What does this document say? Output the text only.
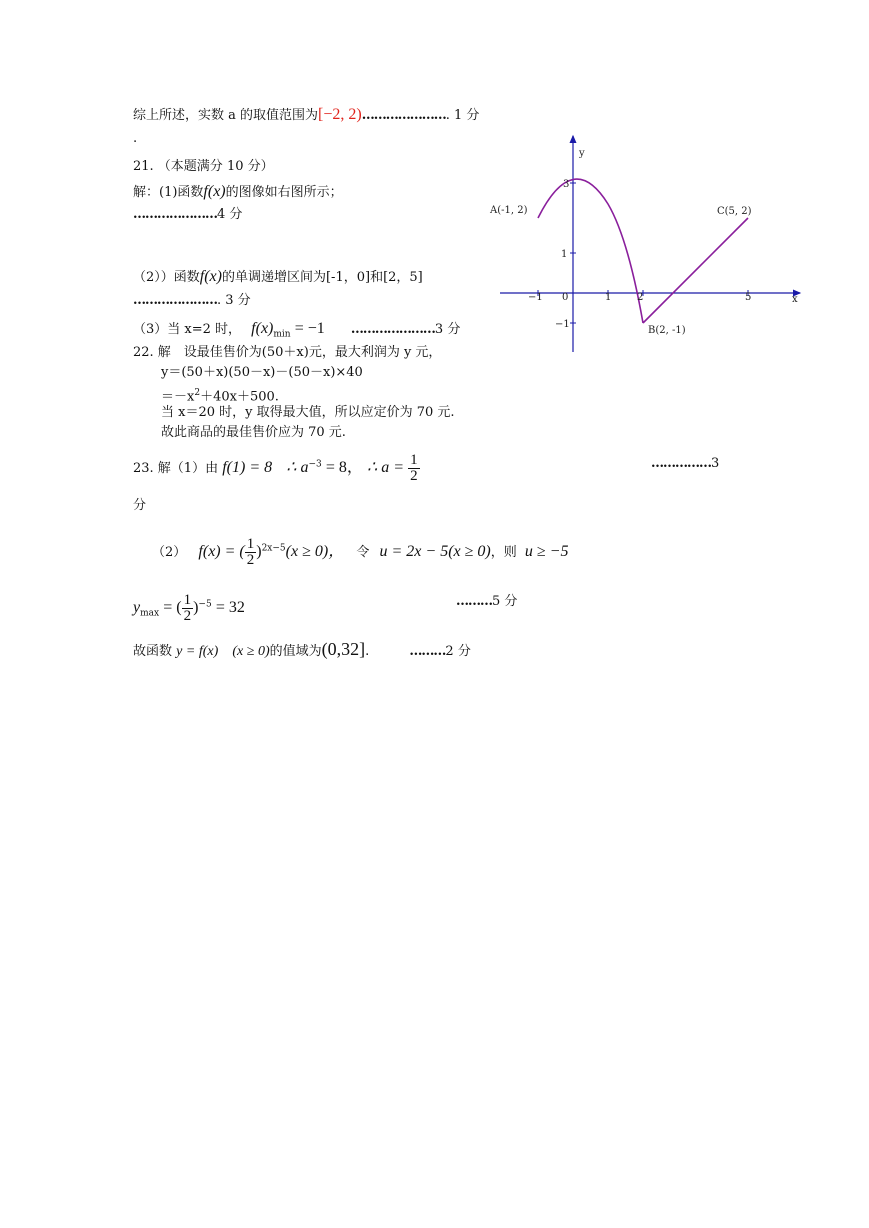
综上所述，实数 a 的取值范围为[−2, 2)…………………. 1 分
.
21. （本题满分 10 分）
解：(1)函数f(x)的图像如右图所示；
…………………4 分
（2））函数f(x)的单调递增区间为[-1，0]和[2，5]
…………………. 3 分
（3）当 x=2 时， $f(x)_{min} = -1$ …………………3 分
x
y
−1 0	1	2	5
3
1
−1
A(-1, 2)
B(2, -1)
C(5, 2)
22. 解　设最佳售价为(50＋x)元，最大利润为 y 元，
y＝(50＋x)(50－x)－(50－x)×40
$=-x^2+40x+500$.
当 x＝20 时，y 取得最大值，所以应定价为 70 元.
故此商品的最佳售价应为 70 元.
23. 解（1）由 f(1) = 8 ∴ $a^{-3} = 8$， ∴ $a = \frac{1}{2}$	……………3
分
（2） f(x) = ( $\frac{1}{2} )^{2x-5}(x \ge 0)$， 令 u = 2x − 5(x ≥ 0)，则 u ≥ −5
$y_{max}$ = ( $\frac{1}{2} )^{-5} = 32$	………5 分
故函数 y = f(x) (x ≥ 0)的值域为(0,32].	………2 分
